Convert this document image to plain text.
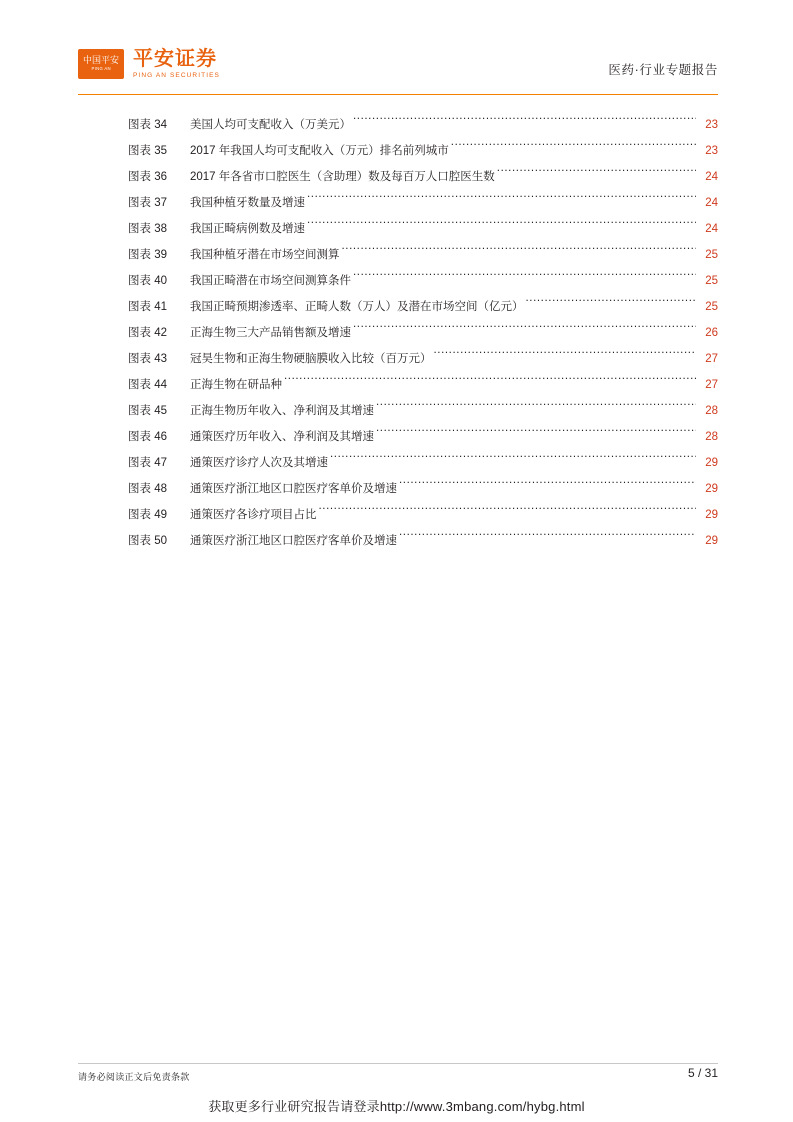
中国平安
PING AN 平安证券
PING AN SECURITIES	医药·行业专题报告
图表 34	美国人均可支配收入（万美元） .....	23
图表 35	2017 年我国人均可支配收入（万元）排名前列城市 .....	23
图表 36	2017 年各省市口腔医生（含助理）数及每百万人口腔医生数 .....	24
图表 37	我国种植牙数量及增速 .....	24
图表 38	我国正畸病例数及增速 .....	24
图表 39	我国种植牙潜在市场空间测算 .....	25
图表 40	我国正畸潜在市场空间测算条件 .....	25
图表 41	我国正畸预期渗透率、正畸人数（万人）及潜在市场空间（亿元） .....	25
图表 42	正海生物三大产品销售额及增速 .....	26
图表 43	冠昊生物和正海生物硬脑膜收入比较（百万元） .....	27
图表 44	正海生物在研品种 .....	27
图表 45	正海生物历年收入、净利润及其增速 .....	28
图表 46	通策医疗历年收入、净利润及其增速 .....	28
图表 47	通策医疗诊疗人次及其增速 .....	29
图表 48	通策医疗浙江地区口腔医疗客单价及增速 .....	29
图表 49	通策医疗各诊疗项目占比 .....	29
图表 50	通策医疗浙江地区口腔医疗客单价及增速 .....	29
请务必阅读正文后免责条款	5 / 31
获取更多行业研究报告请登录http://www.3mbang.com/hybg.html
